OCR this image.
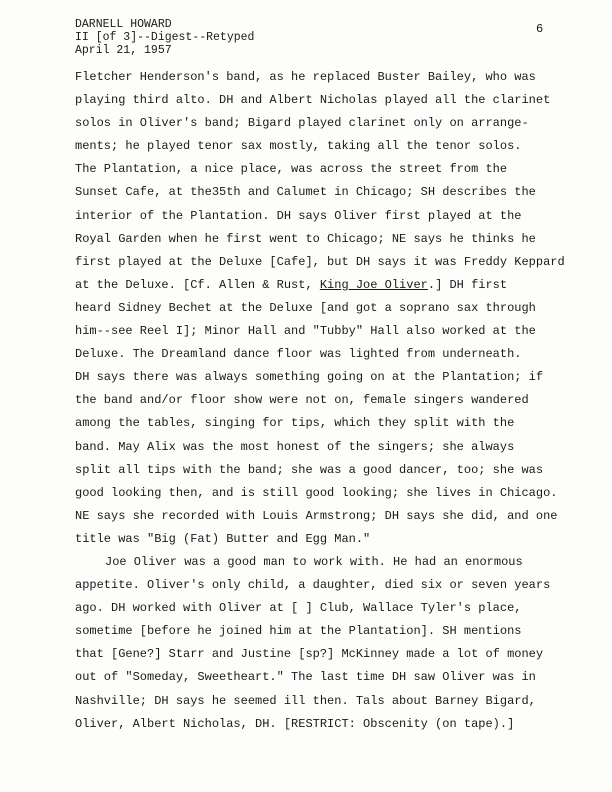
DARNELL HOWARD
II [of 3]--Digest--Retyped
April 21, 1957
6
Fletcher Henderson's band, as he replaced Buster Bailey, who was
playing third alto. DH and Albert Nicholas played all the clarinet
solos in Oliver's band; Bigard played clarinet only on arrange-
ments; he played tenor sax mostly, taking all the tenor solos.
The Plantation, a nice place, was across the street from the
Sunset Cafe, at the35th and Calumet in Chicago; SH describes the
interior of the Plantation. DH says Oliver first played at the
Royal Garden when he first went to Chicago; NE says he thinks he
first played at the Deluxe [Cafe], but DH says it was Freddy Keppard
at the Deluxe. [Cf. Allen & Rust, King Joe Oliver.] DH first
heard Sidney Bechet at the Deluxe [and got a soprano sax through
him--see Reel I]; Minor Hall and "Tubby" Hall also worked at the
Deluxe. The Dreamland dance floor was lighted from underneath.
DH says there was always something going on at the Plantation; if
the band and/or floor show were not on, female singers wandered
among the tables, singing for tips, which they split with the
band. May Alix was the most honest of the singers; she always
split all tips with the band; she was a good dancer, too; she was
good looking then, and is still good looking; she lives in Chicago.
NE says she recorded with Louis Armstrong; DH says she did, and one
title was "Big (Fat) Butter and Egg Man."
Joe Oliver was a good man to work with. He had an enormous
appetite. Oliver's only child, a daughter, died six or seven years
ago. DH worked with Oliver at [ ] Club, Wallace Tyler's place,
sometime [before he joined him at the Plantation]. SH mentions
that [Gene?] Starr and Justine [sp?] McKinney made a lot of money
out of "Someday, Sweetheart." The last time DH saw Oliver was in
Nashville; DH says he seemed ill then. Tals about Barney Bigard,
Oliver, Albert Nicholas, DH. [RESTRICT: Obscenity (on tape).]
